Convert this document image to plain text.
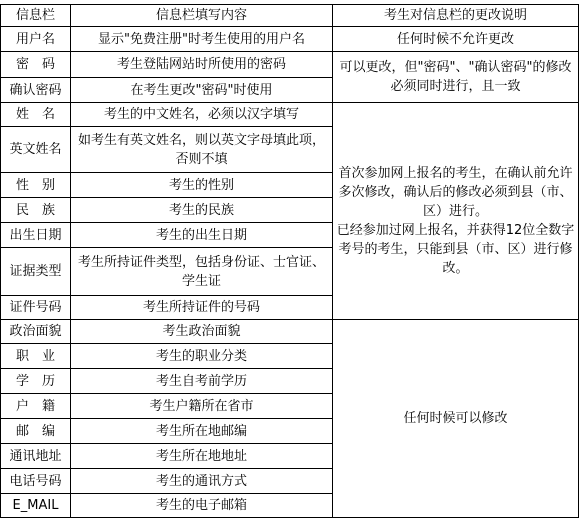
信息栏	信息栏填写内容	考生对信息栏的更改说明
用户名	显示"免费注册"时考生使用的用户名	任何时候不允许更改
密　码	考生登陆网站时所使用的密码	可以更改，但"密码"、"确认密码"的修改必须同时进行，且一致
确认密码	在考生更改"密码"时使用	
姓　名	考生的中文姓名，必须以汉字填写	首次参加网上报名的考生，在确认前允许多次修改，确认后的修改必须到县（市、区）进行。
已经参加过网上报名，并获得12位全数字考号的考生，只能到县（市、区）进行修改。

英文姓名	如考生有英文姓名，则以英文字母填此项，否则不填	
性　别	考生的性别	
民　族	考生的民族	
出生日期	考生的出生日期	
证据类型	考生所持证件类型，包括身份证、士官证、学生证	
证件号码	考生所持证件的号码	
政治面貌	考生政治面貌	任何时候可以修改
职　业	考生的职业分类	
学　历	考生自考前学历	
户　籍	考生户籍所在省市	
邮　编	考生所在地邮编	
通讯地址	考生所在地地址	
电话号码	考生的通讯方式	
E_MAIL	考生的电子邮箱	
